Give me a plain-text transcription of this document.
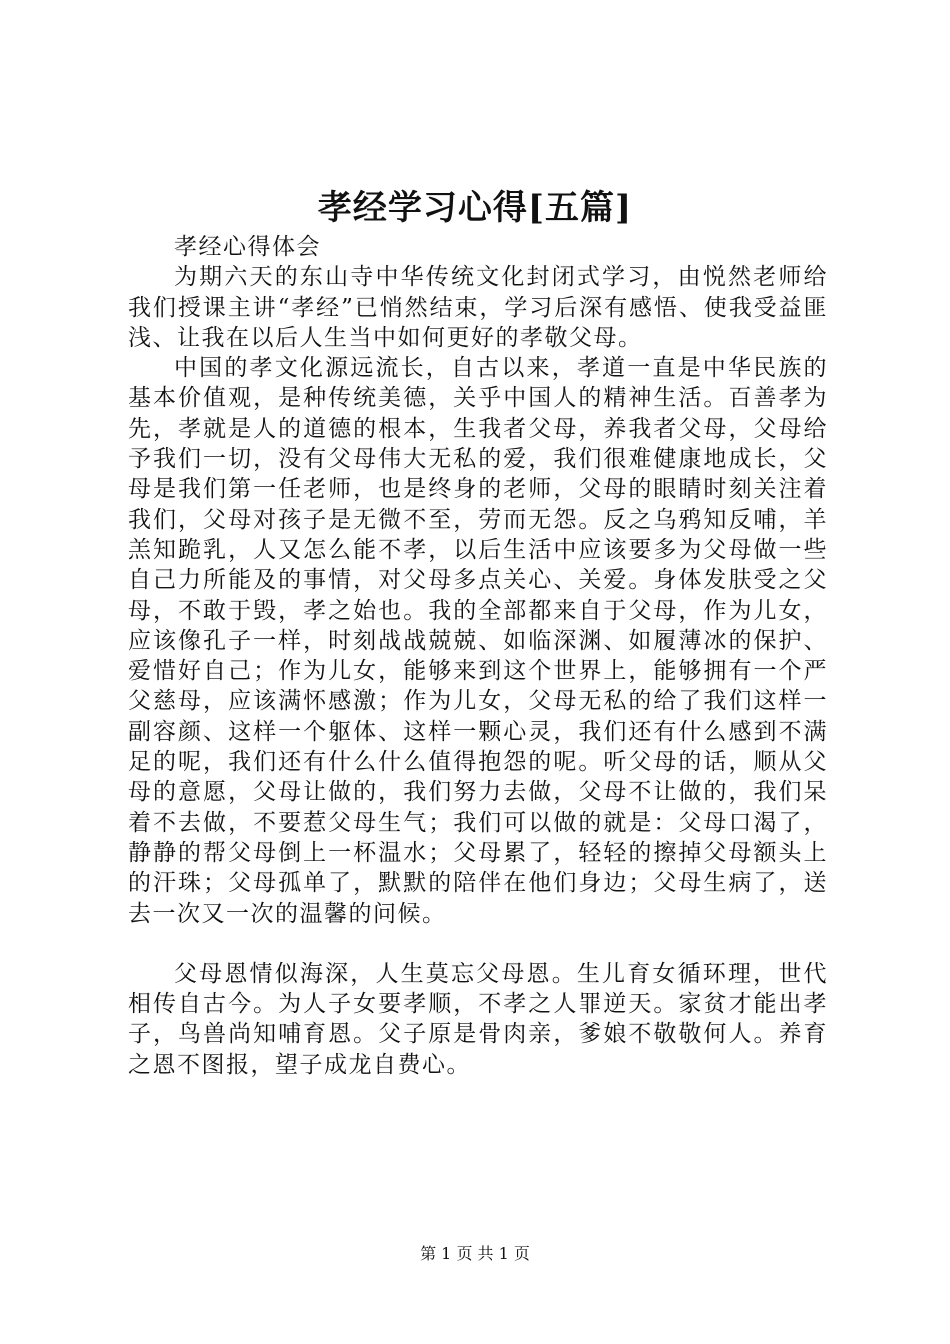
孝经学习心得[五篇]

孝经心得体会

为期六天的东山寺中华传统文化封闭式学习，由悦然老师给我们授课主讲“孝经”已悄然结束，学习后深有感悟、使我受益匪浅、让我在以后人生当中如何更好的孝敬父母。

中国的孝文化源远流长，自古以来，孝道一直是中华民族的基本价值观，是种传统美德，关乎中国人的精神生活。百善孝为先，孝就是人的道德的根本，生我者父母，养我者父母，父母给予我们一切，没有父母伟大无私的爱，我们很难健康地成长，父母是我们第一任老师，也是终身的老师，父母的眼睛时刻关注着我们，父母对孩子是无微不至，劳而无怨。反之乌鸦知反哺，羊羔知跪乳，人又怎么能不孝，以后生活中应该要多为父母做一些自己力所能及的事情，对父母多点关心、关爱。身体发肤受之父母，不敢于毁，孝之始也。我的全部都来自于父母，作为儿女，应该像孔子一样，时刻战战兢兢、如临深渊、如履薄冰的保护、爱惜好自己；作为儿女，能够来到这个世界上，能够拥有一个严父慈母，应该满怀感激；作为儿女，父母无私的给了我们这样一副容颜、这样一个躯体、这样一颗心灵，我们还有什么感到不满足的呢，我们还有什么什么值得抱怨的呢。听父母的话，顺从父母的意愿，父母让做的，我们努力去做，父母不让做的，我们呆着不去做，不要惹父母生气；我们可以做的就是：父母口渴了，静静的帮父母倒上一杯温水；父母累了，轻轻的擦掉父母额头上的汗珠；父母孤单了，默默的陪伴在他们身边；父母生病了，送去一次又一次的温馨的问候。

父母恩情似海深，人生莫忘父母恩。生儿育女循环理，世代相传自古今。为人子女要孝顺，不孝之人罪逆天。家贫才能出孝子，鸟兽尚知哺育恩。父子原是骨肉亲，爹娘不敬敬何人。养育之恩不图报，望子成龙自费心。

第 1 页 共 1 页
